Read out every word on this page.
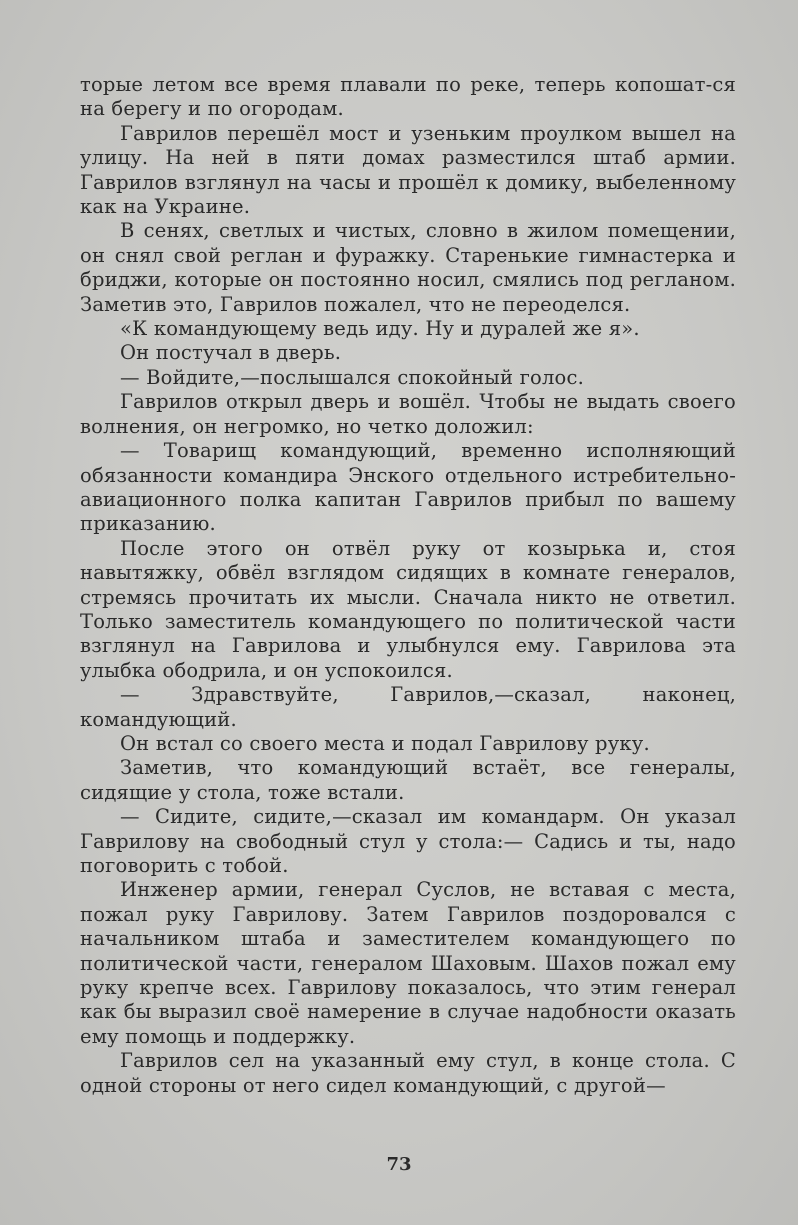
торые летом все время плавали по реке, теперь копошат-ся на берегу и по огородам.

Гаврилов перешёл мост и узеньким проулком вышел на улицу. На ней в пяти домах разместился штаб армии. Гаврилов взглянул на часы и прошёл к домику, выбеленному как на Украине.

В сенях, светлых и чистых, словно в жилом помещении, он снял свой реглан и фуражку. Старенькие гимнастерка и бриджи, которые он постоянно носил, смялись под регланом. Заметив это, Гаврилов пожалел, что не переоделся.

«К командующему ведь иду. Ну и дуралей же я».

Он постучал в дверь.

— Войдите,—послышался спокойный голос.

Гаврилов открыл дверь и вошёл. Чтобы не выдать своего волнения, он негромко, но четко доложил:

— Товарищ командующий, временно исполняющий обязанности командира Энского отдельного истребительно-авиационного полка капитан Гаврилов прибыл по вашему приказанию.

После этого он отвёл руку от козырька и, стоя навытяжку, обвёл взглядом сидящих в комнате генералов, стремясь прочитать их мысли. Сначала никто не ответил. Только заместитель командующего по политической части взглянул на Гаврилова и улыбнулся ему. Гаврилова эта улыбка ободрила, и он успокоился.

— Здравствуйте, Гаврилов,—сказал, наконец, командующий.

Он встал со своего места и подал Гаврилову руку.

Заметив, что командующий встаёт, все генералы, сидящие у стола, тоже встали.

— Сидите, сидите,—сказал им командарм. Он указал Гаврилову на свободный стул у стола:— Садись и ты, надо поговорить с тобой.

Инженер армии, генерал Суслов, не вставая с места, пожал руку Гаврилову. Затем Гаврилов поздоровался с начальником штаба и заместителем командующего по политической части, генералом Шаховым. Шахов пожал ему руку крепче всех. Гаврилову показалось, что этим генерал как бы выразил своё намерение в случае надобности оказать ему помощь и поддержку.

Гаврилов сел на указанный ему стул, в конце стола. С одной стороны от него сидел командующий, с другой—

73
